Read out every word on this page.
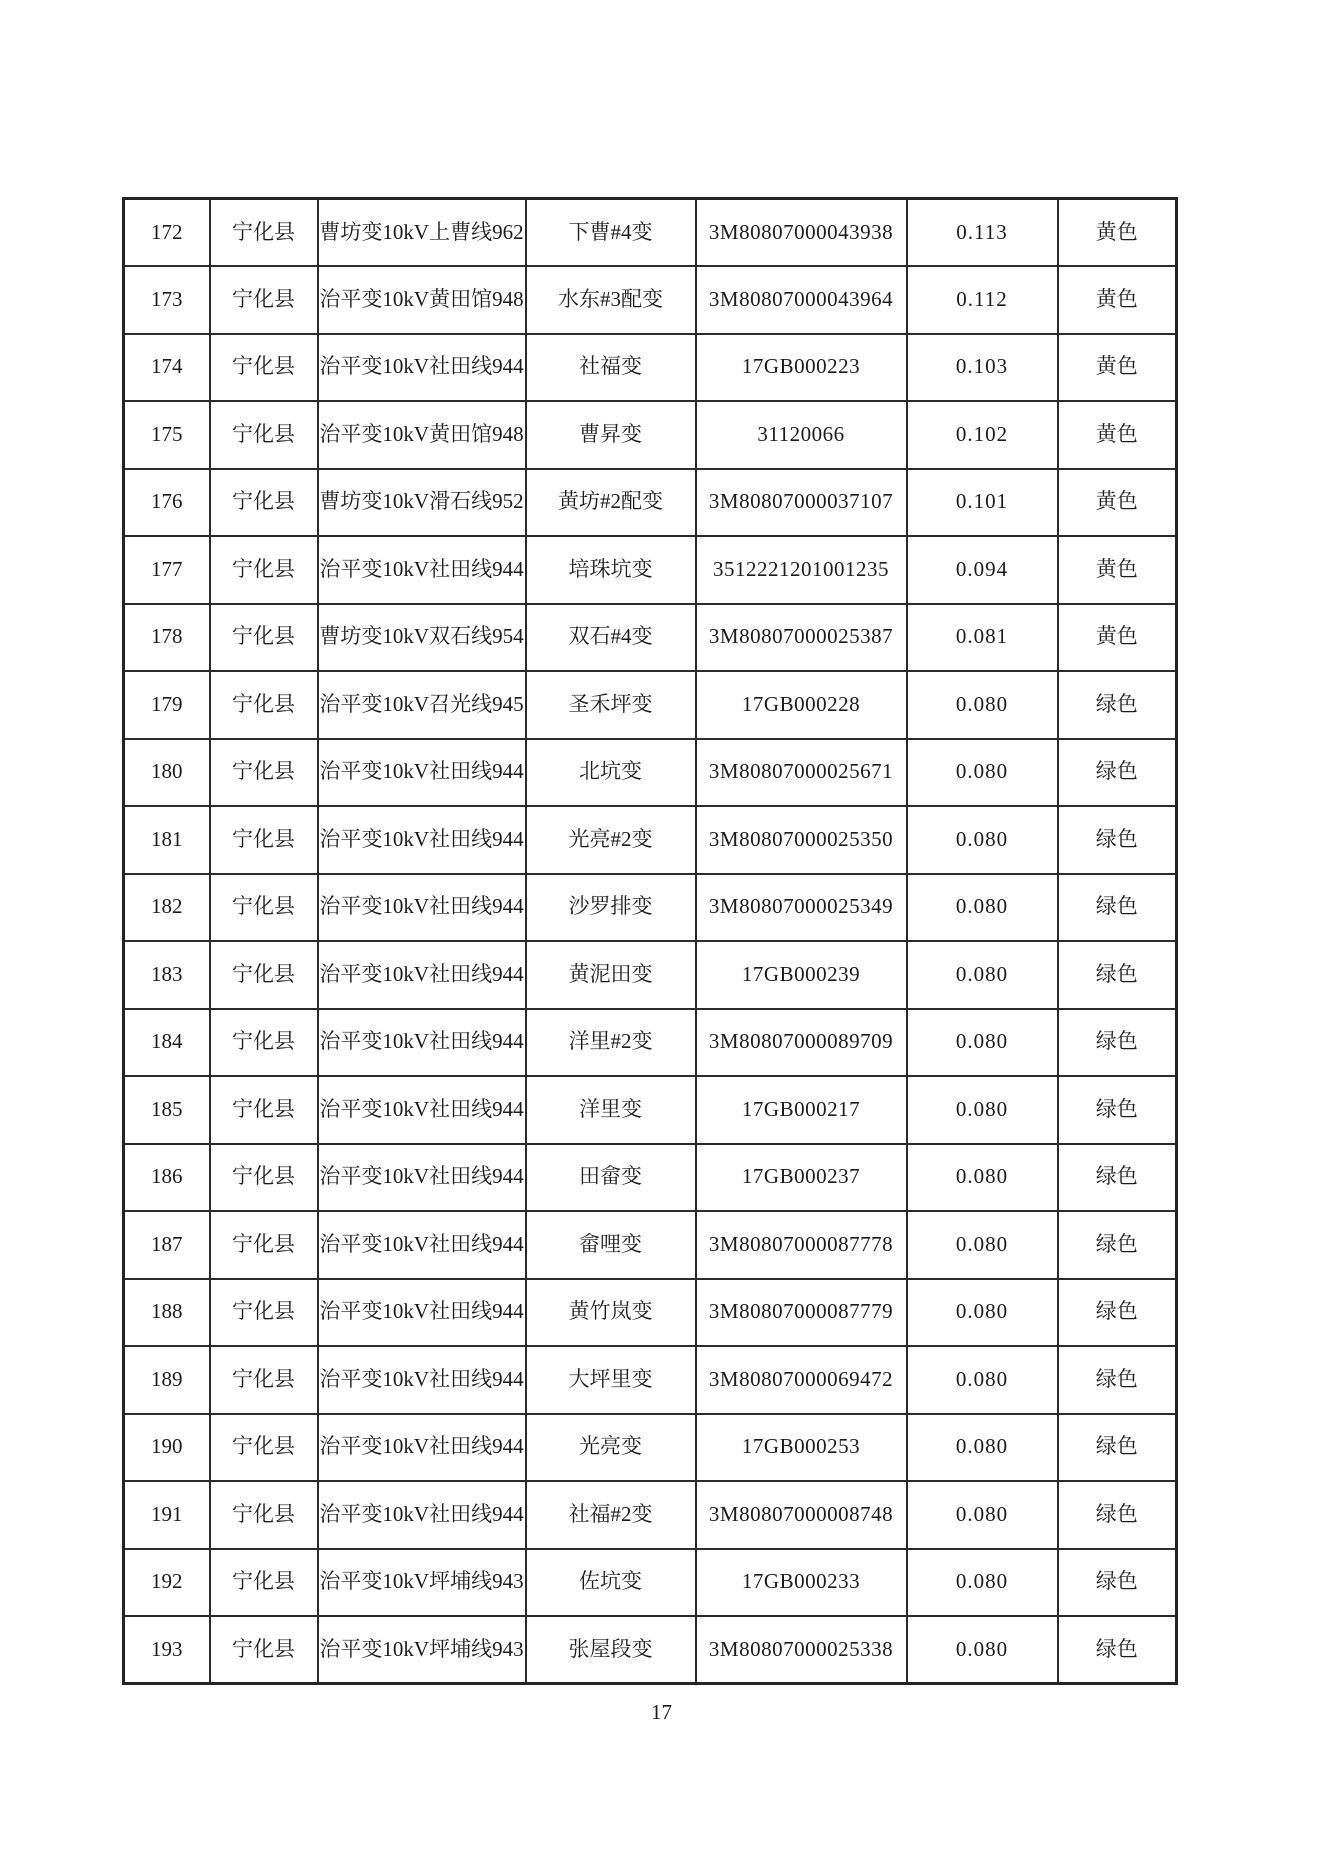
172	宁化县	曹坊变10kV上曹线962	下曹#4变	3M80807000043938	0.113	黄色
173	宁化县	治平变10kV黄田馆948	水东#3配变	3M80807000043964	0.112	黄色
174	宁化县	治平变10kV社田线944	社福变	17GB000223	0.103	黄色
175	宁化县	治平变10kV黄田馆948	曹昇变	31120066	0.102	黄色
176	宁化县	曹坊变10kV滑石线952	黄坊#2配变	3M80807000037107	0.101	黄色
177	宁化县	治平变10kV社田线944	培珠坑变	3512221201001235	0.094	黄色
178	宁化县	曹坊变10kV双石线954	双石#4变	3M80807000025387	0.081	黄色
179	宁化县	治平变10kV召光线945	圣禾坪变	17GB000228	0.080	绿色
180	宁化县	治平变10kV社田线944	北坑变	3M80807000025671	0.080	绿色
181	宁化县	治平变10kV社田线944	光亮#2变	3M80807000025350	0.080	绿色
182	宁化县	治平变10kV社田线944	沙罗排变	3M80807000025349	0.080	绿色
183	宁化县	治平变10kV社田线944	黄泥田变	17GB000239	0.080	绿色
184	宁化县	治平变10kV社田线944	洋里#2变	3M80807000089709	0.080	绿色
185	宁化县	治平变10kV社田线944	洋里变	17GB000217	0.080	绿色
186	宁化县	治平变10kV社田线944	田畲变	17GB000237	0.080	绿色
187	宁化县	治平变10kV社田线944	畲哩变	3M80807000087778	0.080	绿色
188	宁化县	治平变10kV社田线944	黄竹岚变	3M80807000087779	0.080	绿色
189	宁化县	治平变10kV社田线944	大坪里变	3M80807000069472	0.080	绿色
190	宁化县	治平变10kV社田线944	光亮变	17GB000253	0.080	绿色
191	宁化县	治平变10kV社田线944	社福#2变	3M80807000008748	0.080	绿色
192	宁化县	治平变10kV坪埔线943	佐坑变	17GB000233	0.080	绿色
193	宁化县	治平变10kV坪埔线943	张屋段变	3M80807000025338	0.080	绿色
17
